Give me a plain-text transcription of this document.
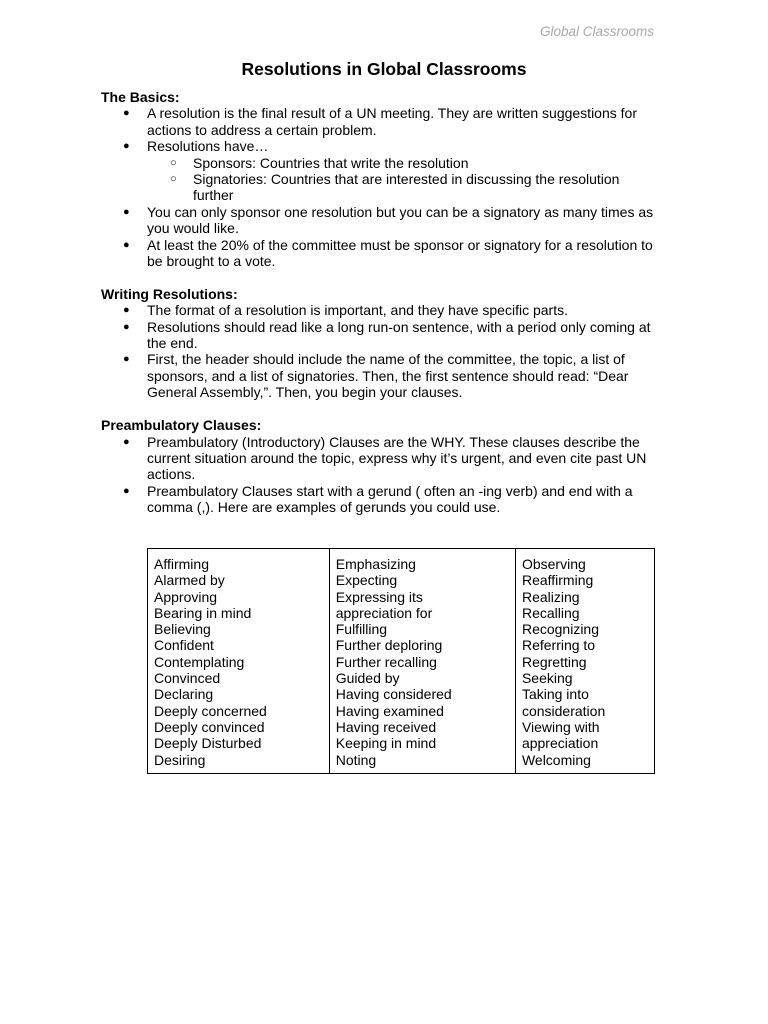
Global Classrooms
Resolutions in Global Classrooms

The Basics:

● A resolution is the final result of a UN meeting. They are written suggestions for actions to address a certain problem.
● Resolutions have…
○ Sponsors: Countries that write the resolution
○ Signatories: Countries that are interested in discussing the resolution further
● You can only sponsor one resolution but you can be a signatory as many times as you would like.
● At least the 20% of the committee must be sponsor or signatory for a resolution to be brought to a vote.

Writing Resolutions:

● The format of a resolution is important, and they have specific parts.
● Resolutions should read like a long run-on sentence, with a period only coming at the end.
● First, the header should include the name of the committee, the topic, a list of sponsors, and a list of signatories. Then, the first sentence should read: “Dear General Assembly,”. Then, you begin your clauses.

Preambulatory Clauses:

● Preambulatory (Introductory) Clauses are the WHY. These clauses describe the current situation around the topic, express why it’s urgent, and even cite past UN actions.
● Preambulatory Clauses start with a gerund ( often an -ing verb) and end with a comma (,). Here are examples of gerunds you could use.
Affirming
Alarmed by
Approving
Bearing in mind
Believing
Confident
Contemplating
Convinced
Declaring
Deeply concerned
Deeply convinced
Deeply Disturbed
Desiring

Emphasizing
Expecting
Expressing its
appreciation for
Fulfilling
Further deploring
Further recalling
Guided by
Having considered
Having examined
Having received
Keeping in mind
Noting

Observing
Reaffirming
Realizing
Recalling
Recognizing
Referring to
Regretting
Seeking
Taking into
consideration
Viewing with
appreciation
Welcoming
